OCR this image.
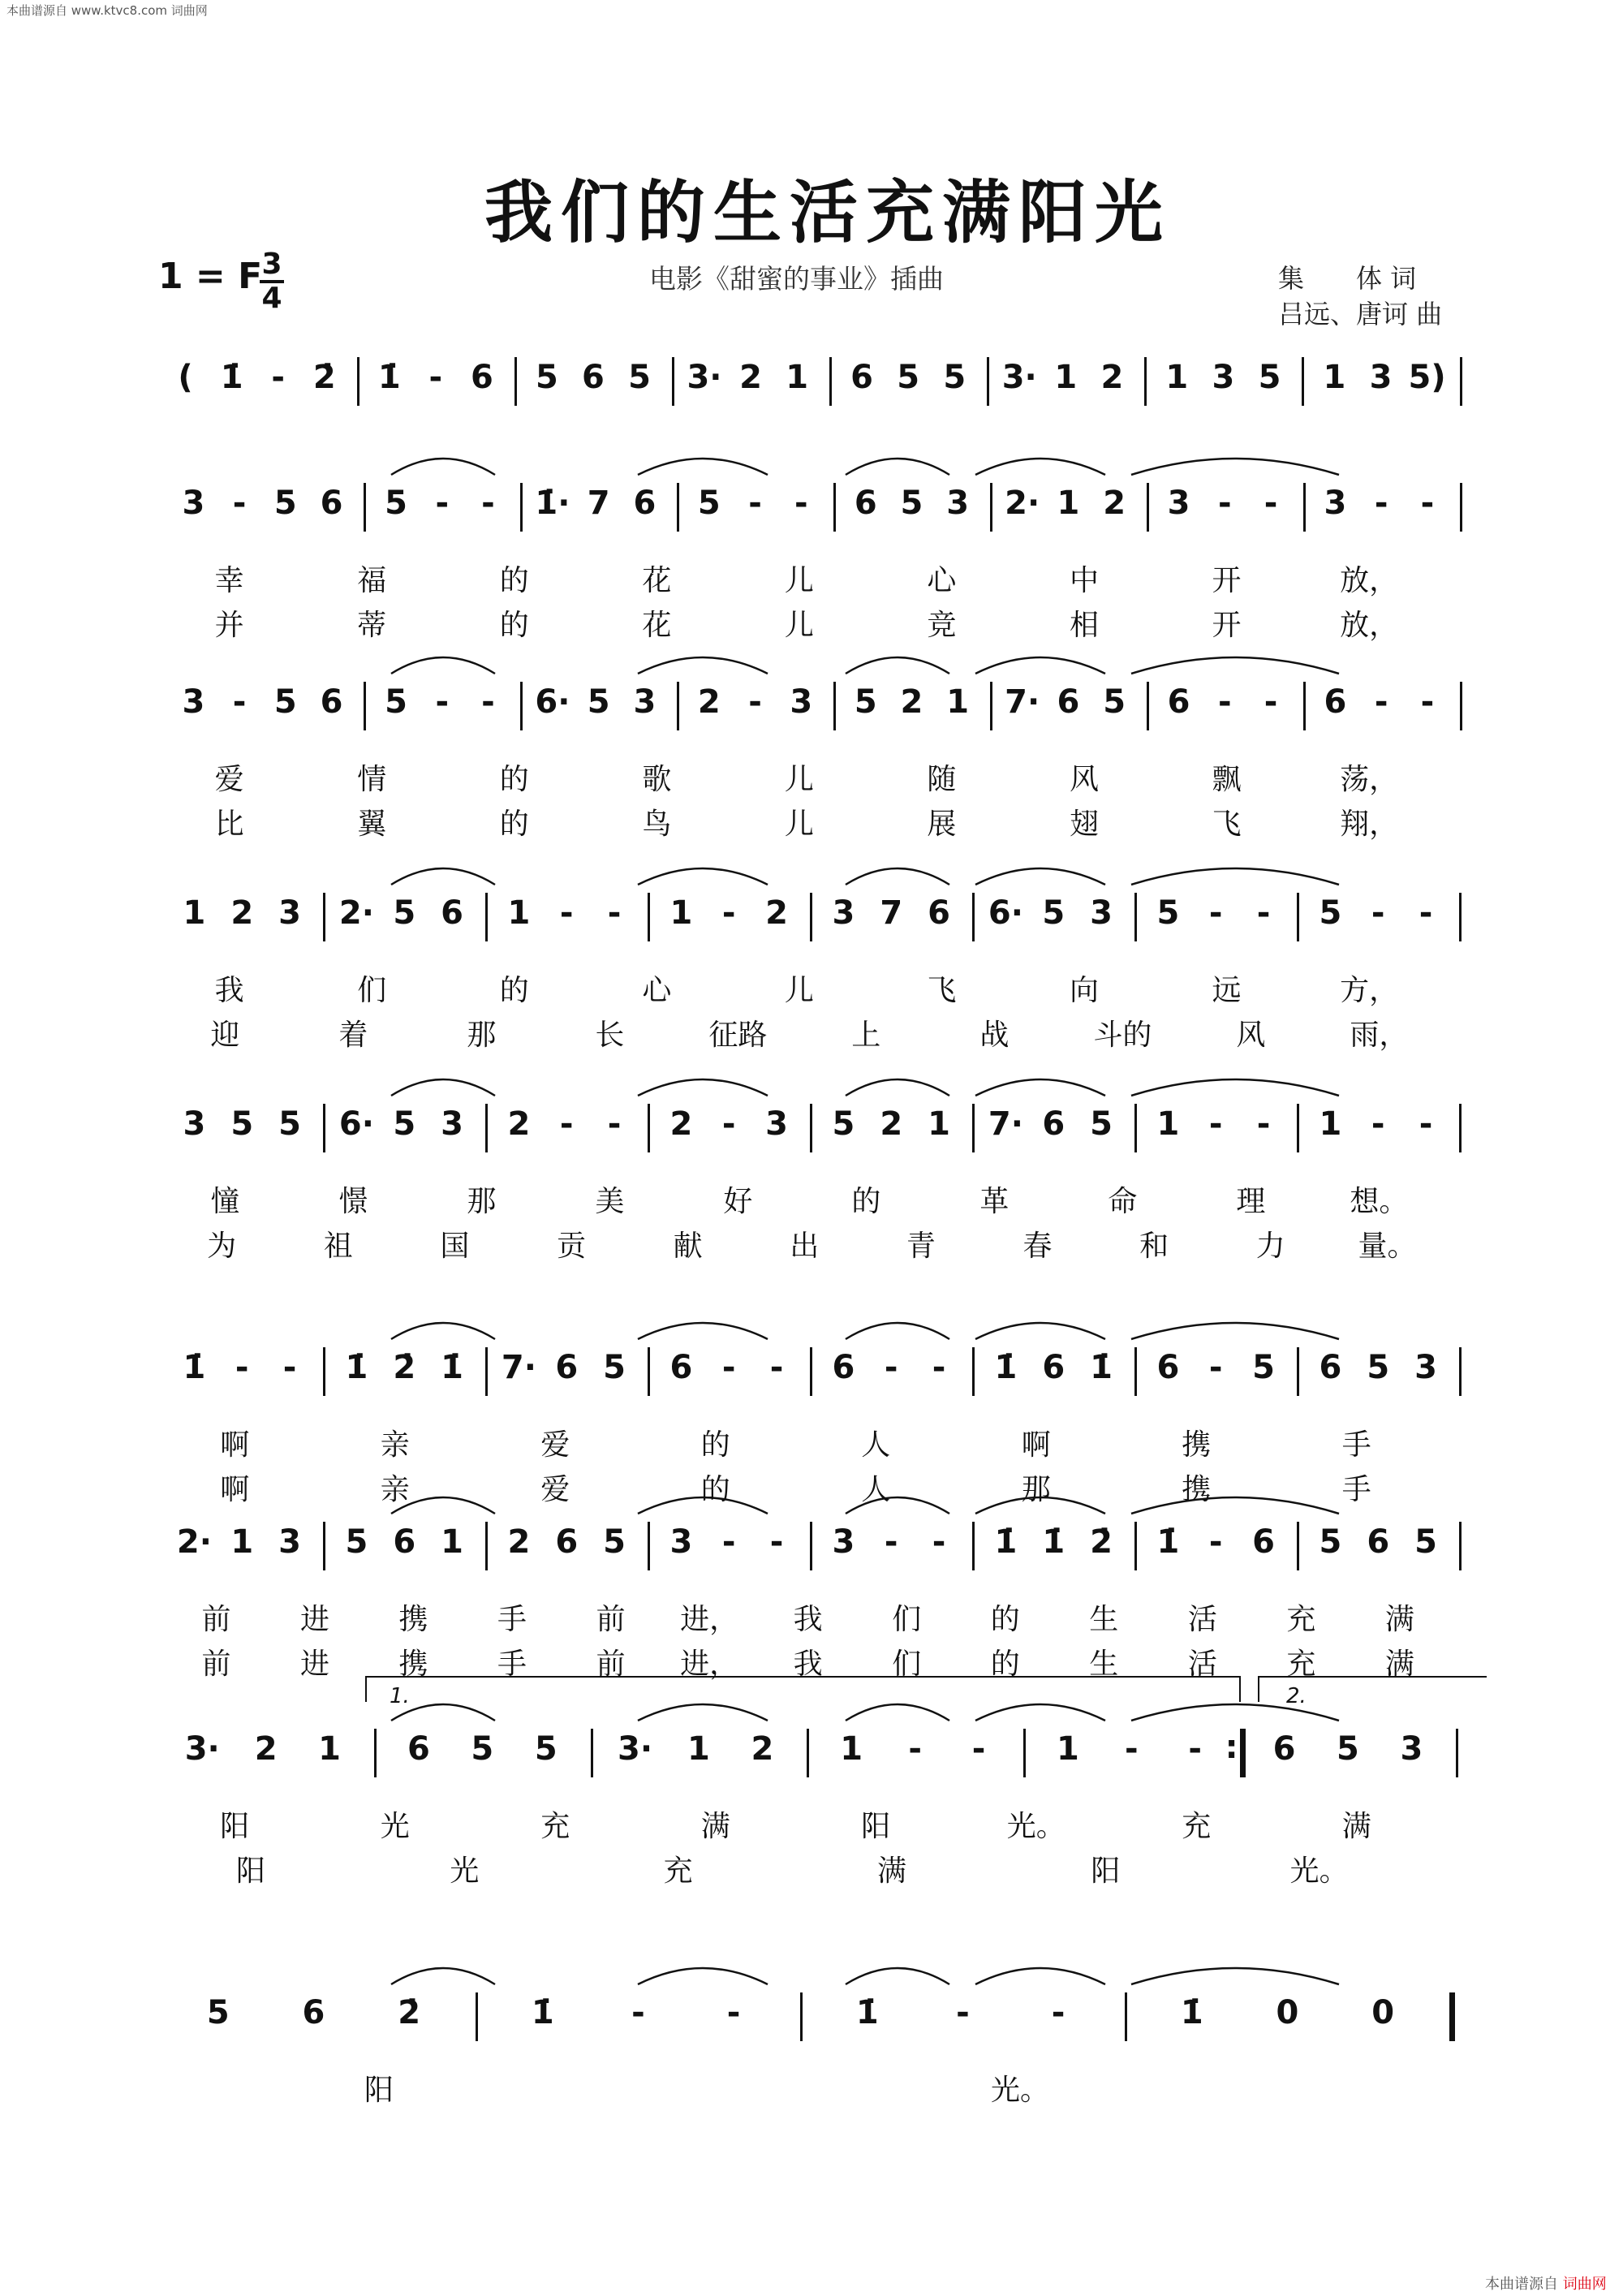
本曲谱源自 www.ktvc8.com 词曲网
我们的生活充满阳光
1 = F 3
4
电影《甜蜜的事业》插曲	集　　体 词
吕远、唐诃 曲
( 1̇ - 2̇ 1̇ - 6 5 6 5 3· 2 1 6 5 5 3· 1 2 1 3 5 1 3 5)
3 - 5 6 5 - - 1̇· 7 6 5 - - 6 5 3 2· 1 2 3 - - 3 - -
幸	福	的	花	儿	心	中	开	放，
并	蒂	的	花	儿	竞	相	开	放，
3 - 5 6 5 - - 6· 5 3 2 - 3 5 2 1 7· 6 5 6 - - 6 - -
爱	情	的	歌	儿	随	风	飘	荡，
比	翼	的	鸟	儿	展	翅	飞	翔，
1 2 3 2· 5 6 1 - - 1 - 2 3 7 6 6· 5 3 5 - - 5 - -
我	们	的	心	儿	飞	向	远	方，
迎	着	那	长	征路	上	战	斗的	风	雨，
3 5 5 6· 5 3 2 - - 2 - 3 5 2 1 7· 6 5 1 - - 1 - -
憧	憬	那	美	好	的	革	命	理	想。
为	祖	国	贡	献	出	青	春	和	力 量。
1̇ - - 1̇ 2̇ 1̇ 7· 6 5 6 - - 6 - - 1̇ 6 1̇ 6 - 5 6 5 3
啊	亲	爱	的	人	啊	携	手
啊	亲	爱	的	人	那	携	手
2· 1 3 5 6 1 2 6 5 3 - - 3 - - 1̇ 1̇ 2̇ 1̇ - 6 5 6 5
前 进 携 手 前 进， 我 们 的 生 活 充 满
前 进 携 手 前 进， 我 们 的 生 活 充 满
3· 2 1 6 5 5 3· 1 2 1 - - 1 - - : 6 5 3
阳	光	充	满	阳	光。	充	满
阳	光	充	满	阳	光。
1.	2.
5 6 2̇	1̇ -	-	1̇ -	-	1̇ 0 0
阳	光。
本曲谱源自 词曲网
